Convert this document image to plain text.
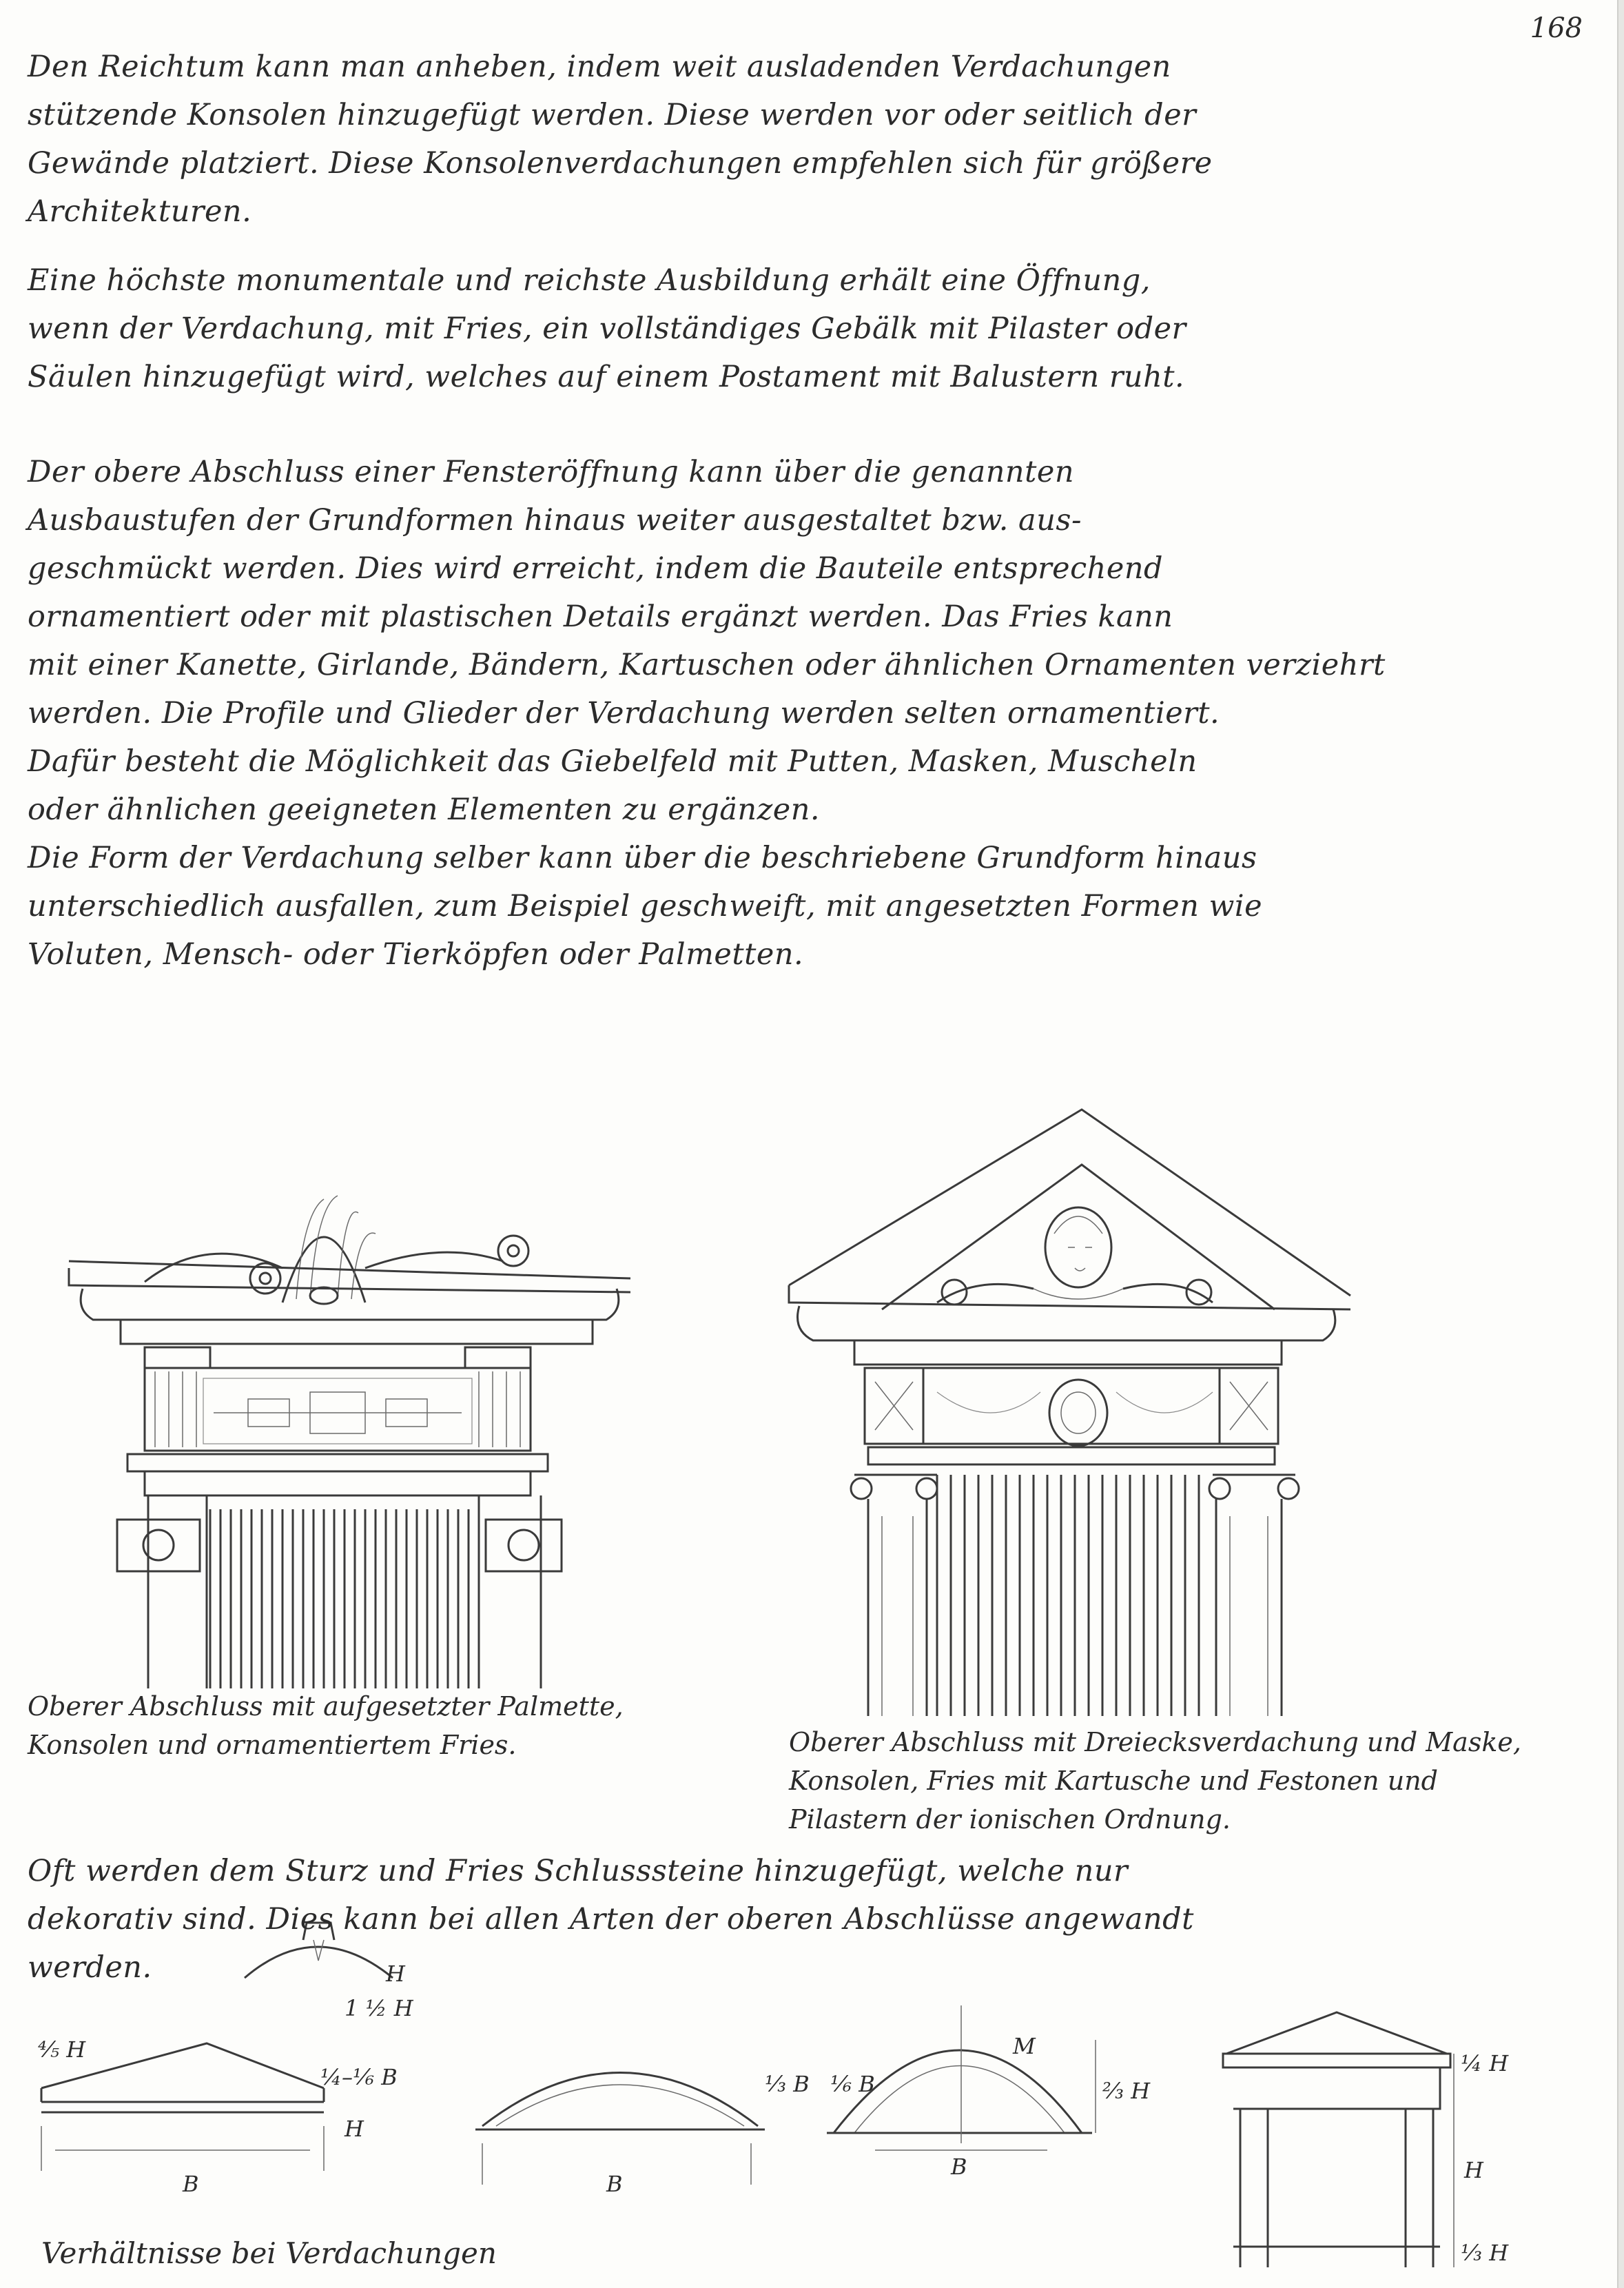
168
Den Reichtum kann man anheben, indem weit ausladenden Verdachungen
stützende Konsolen hinzugefügt werden. Diese werden vor oder seitlich der
Gewände platziert. Diese Konsolenverdachungen empfehlen sich für größere
Architekturen.
Eine höchste monumentale und reichste Ausbildung erhält eine Öffnung,
wenn der Verdachung, mit Fries, ein vollständiges Gebälk mit Pilaster oder
Säulen hinzugefügt wird, welches auf einem Postament mit Balustern ruht.
Der obere Abschluss einer Fensteröffnung kann über die genannten
Ausbaustufen der Grundformen hinaus weiter ausgestaltet bzw. aus-
geschmückt werden. Dies wird erreicht, indem die Bauteile entsprechend
ornamentiert oder mit plastischen Details ergänzt werden. Das Fries kann
mit einer Kanette, Girlande, Bändern, Kartuschen oder ähnlichen Ornamenten verziehrt
werden. Die Profile und Glieder der Verdachung werden selten ornamentiert.
Dafür besteht die Möglichkeit das Giebelfeld mit Putten, Masken, Muscheln
oder ähnlichen geeigneten Elementen zu ergänzen.
Die Form der Verdachung selber kann über die beschriebene Grundform hinaus
unterschiedlich ausfallen, zum Beispiel geschweift, mit angesetzten Formen wie
Voluten, Mensch- oder Tierköpfen oder Palmetten.
Oberer Abschluss mit aufgesetzter Palmette,
Konsolen und ornamentiertem Fries.	Oberer Abschluss mit Dreiecksverdachung und Maske,
Konsolen, Fries mit Kartusche und Festonen und
Pilastern der ionischen Ordnung.
Oft werden dem Sturz und Fries Schlusssteine hinzugefügt, welche nur
dekorativ sind. Dies kann bei allen Arten der oberen Abschlüsse angewandt
werden.	H
1 ½ H
⅘ H
¼–⅙ B
H
B
⅓ B
B
⅙ B
M
⅔ H
B
¼ H
H
⅓ H
Verhältnisse bei Verdachungen
